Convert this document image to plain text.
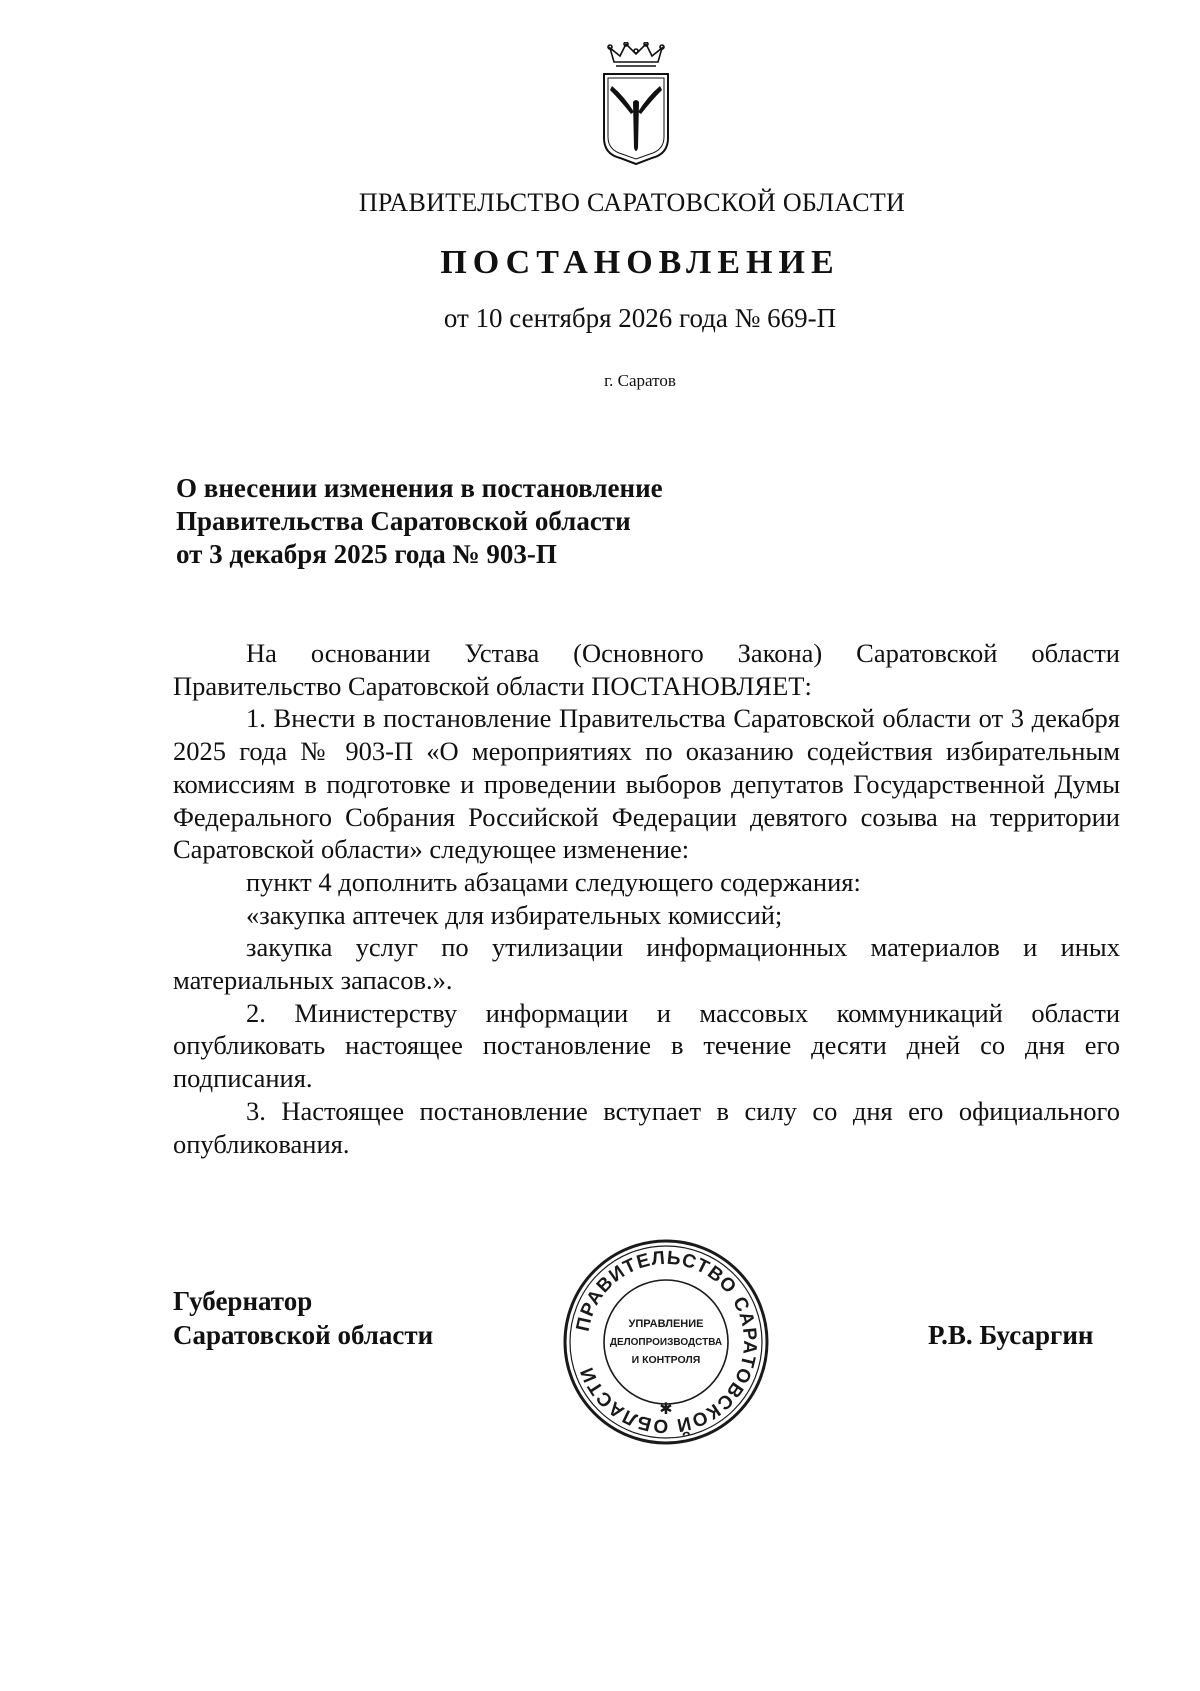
ПРАВИТЕЛЬСТВО САРАТОВСКОЙ ОБЛАСТИ
ПОСТАНОВЛЕНИЕ
от 10 сентября 2026 года № 669-П
г. Саратов
О внесении изменения в постановление
Правительства Саратовской области
от 3 декабря 2025 года № 903-П

На основании Устава (Основного Закона) Саратовской области Правительство Саратовской области ПОСТАНОВЛЯЕТ:

1. Внести в постановление Правительства Саратовской области от 3 декабря 2025 года № 903-П «О мероприятиях по оказанию содействия избирательным комиссиям в подготовке и проведении выборов депутатов Государственной Думы Федерального Собрания Российской Федерации девятого созыва на территории Саратовской области» следующее изменение:

пункт 4 дополнить абзацами следующего содержания:

«закупка аптечек для избирательных комиссий;

закупка услуг по утилизации информационных материалов и иных материальных запасов.».

2. Министерству информации и массовых коммуникаций области опубликовать настоящее постановление в течение десяти дней со дня его подписания.

3. Настоящее постановление вступает в силу со дня его официального опубликования.

Губернатор
Саратовской области	ПРАВИТЕЛЬСТВО САРАТОВСКОЙ ОБЛАСТИ
✱
УПРАВЛЕНИЕ
ДЕЛОПРОИЗВОДСТВА
И КОНТРОЛЯ
Р.В. Бусаргин
